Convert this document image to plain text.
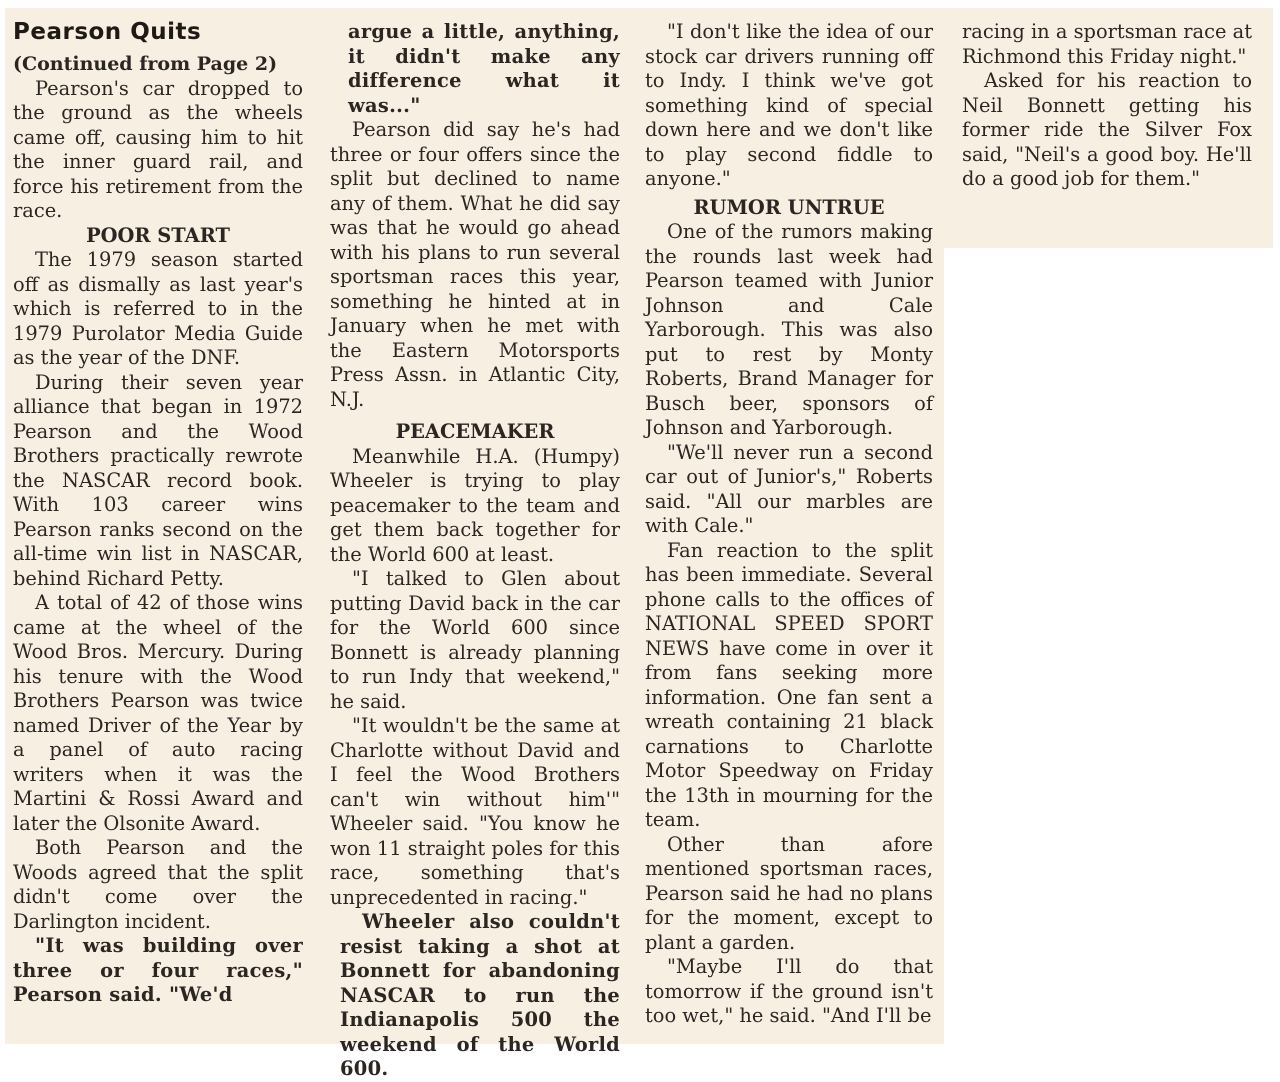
Pearson Quits

(Continued from Page 2)

Pearson's car dropped to the ground as the wheels came off, causing him to hit the inner guard rail, and force his retirement from the race.

POOR START

The 1979 season started off as dismally as last year's which is referred to in the 1979 Purolator Media Guide as the year of the DNF.

During their seven year alliance that began in 1972 Pearson and the Wood Brothers practically rewrote the NASCAR record book. With 103 career wins Pearson ranks second on the all-time win list in NASCAR, behind Richard Petty.

A total of 42 of those wins came at the wheel of the Wood Bros. Mercury. During his tenure with the Wood Brothers Pearson was twice named Driver of the Year by a panel of auto racing writers when it was the Martini & Rossi Award and later the Olsonite Award.

Both Pearson and the Woods agreed that the split didn't come over the Darlington incident.

"It was building over three or four races," Pearson said. "We'd

argue a little, anything, it didn't make any difference what it was..."

Pearson did say he's had three or four offers since the split but declined to name any of them. What he did say was that he would go ahead with his plans to run several sportsman races this year, something he hinted at in January when he met with the Eastern Motorsports Press Assn. in Atlantic City, N.J.

PEACEMAKER

Meanwhile H.A. (Humpy) Wheeler is trying to play peacemaker to the team and get them back together for the World 600 at least.

"I talked to Glen about putting David back in the car for the World 600 since Bonnett is already planning to run Indy that weekend," he said.

"It wouldn't be the same at Charlotte without David and I feel the Wood Brothers can't win without him'" Wheeler said. "You know he won 11 straight poles for this race, something that's unprecedented in racing."

Wheeler also couldn't resist taking a shot at Bonnett for abandoning NASCAR to run the Indianapolis 500 the weekend of the World 600.

"I don't like the idea of our stock car drivers running off to Indy. I think we've got something kind of special down here and we don't like to play second fiddle to anyone."

RUMOR UNTRUE

One of the rumors making the rounds last week had Pearson teamed with Junior Johnson and Cale Yarborough. This was also put to rest by Monty Roberts, Brand Manager for Busch beer, sponsors of Johnson and Yarborough.

"We'll never run a second car out of Junior's," Roberts said. "All our marbles are with Cale."

Fan reaction to the split has been immediate. Several phone calls to the offices of NATIONAL SPEED SPORT NEWS have come in over it from fans seeking more information. One fan sent a wreath containing 21 black carnations to Charlotte Motor Speedway on Friday the 13th in mourning for the team.

Other than afore mentioned sportsman races, Pearson said he had no plans for the moment, except to plant a garden.

"Maybe I'll do that tomorrow if the ground isn't too wet," he said. "And I'll be

racing in a sportsman race at Richmond this Friday night."

Asked for his reaction to Neil Bonnett getting his former ride the Silver Fox said, "Neil's a good boy. He'll do a good job for them."
